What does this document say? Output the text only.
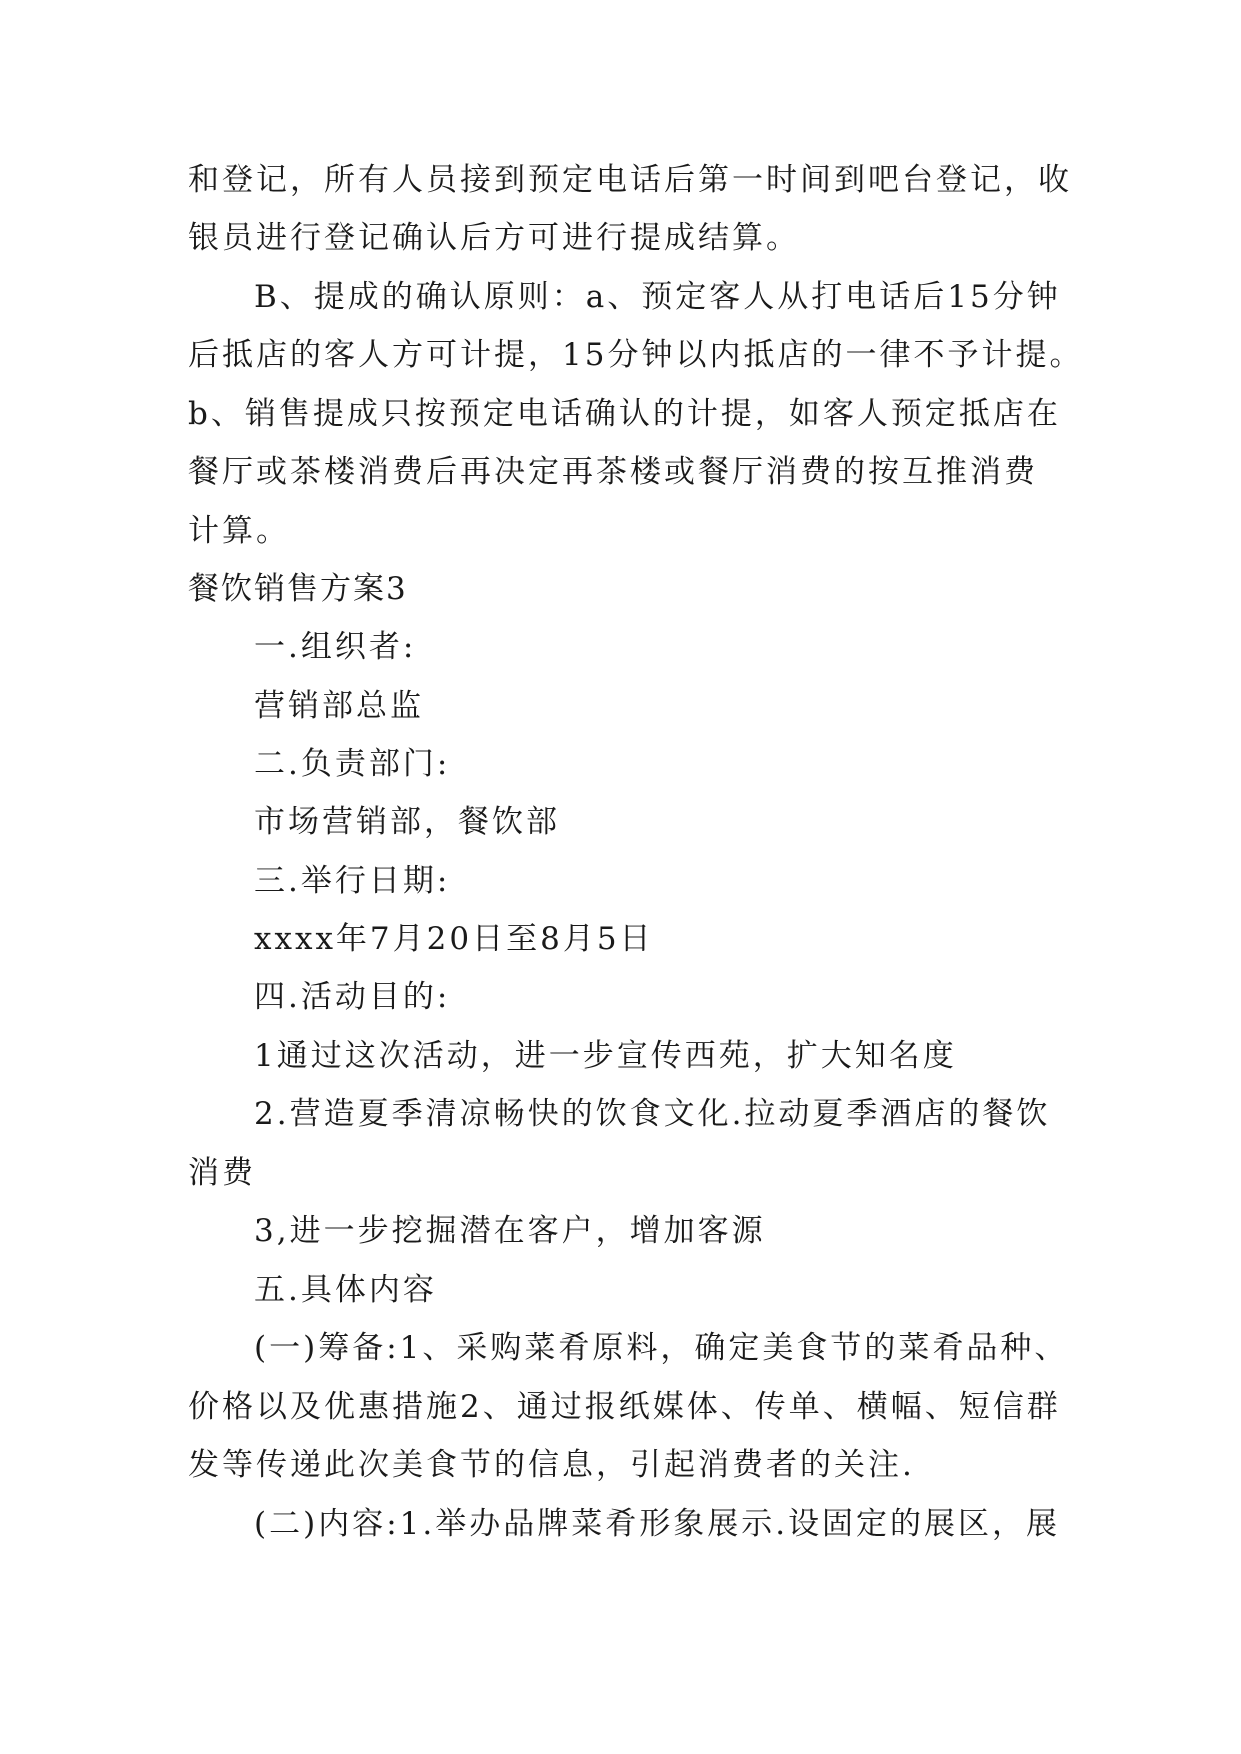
和登记，所有人员接到预定电话后第一时间到吧台登记，收
银员进行登记确认后方可进行提成结算。
B、提成的确认原则：a、预定客人从打电话后15分钟
后抵店的客人方可计提，15分钟以内抵店的一律不予计提。
b、销售提成只按预定电话确认的计提，如客人预定抵店在
餐厅或茶楼消费后再决定再茶楼或餐厅消费的按互推消费
计算。
餐饮销售方案3
一.组织者:
营销部总监
二.负责部门:
市场营销部，餐饮部
三.举行日期:
xxxx年7月20日至8月5日
四.活动目的:
1通过这次活动，进一步宣传西苑，扩大知名度
2.营造夏季清凉畅快的饮食文化.拉动夏季酒店的餐饮
消费
3,进一步挖掘潜在客户，增加客源
五.具体内容
(一)筹备:1、采购菜肴原料，确定美食节的菜肴品种、
价格以及优惠措施2、通过报纸媒体、传单、横幅、短信群
发等传递此次美食节的信息，引起消费者的关注.
(二)内容:1.举办品牌菜肴形象展示.设固定的展区，展
